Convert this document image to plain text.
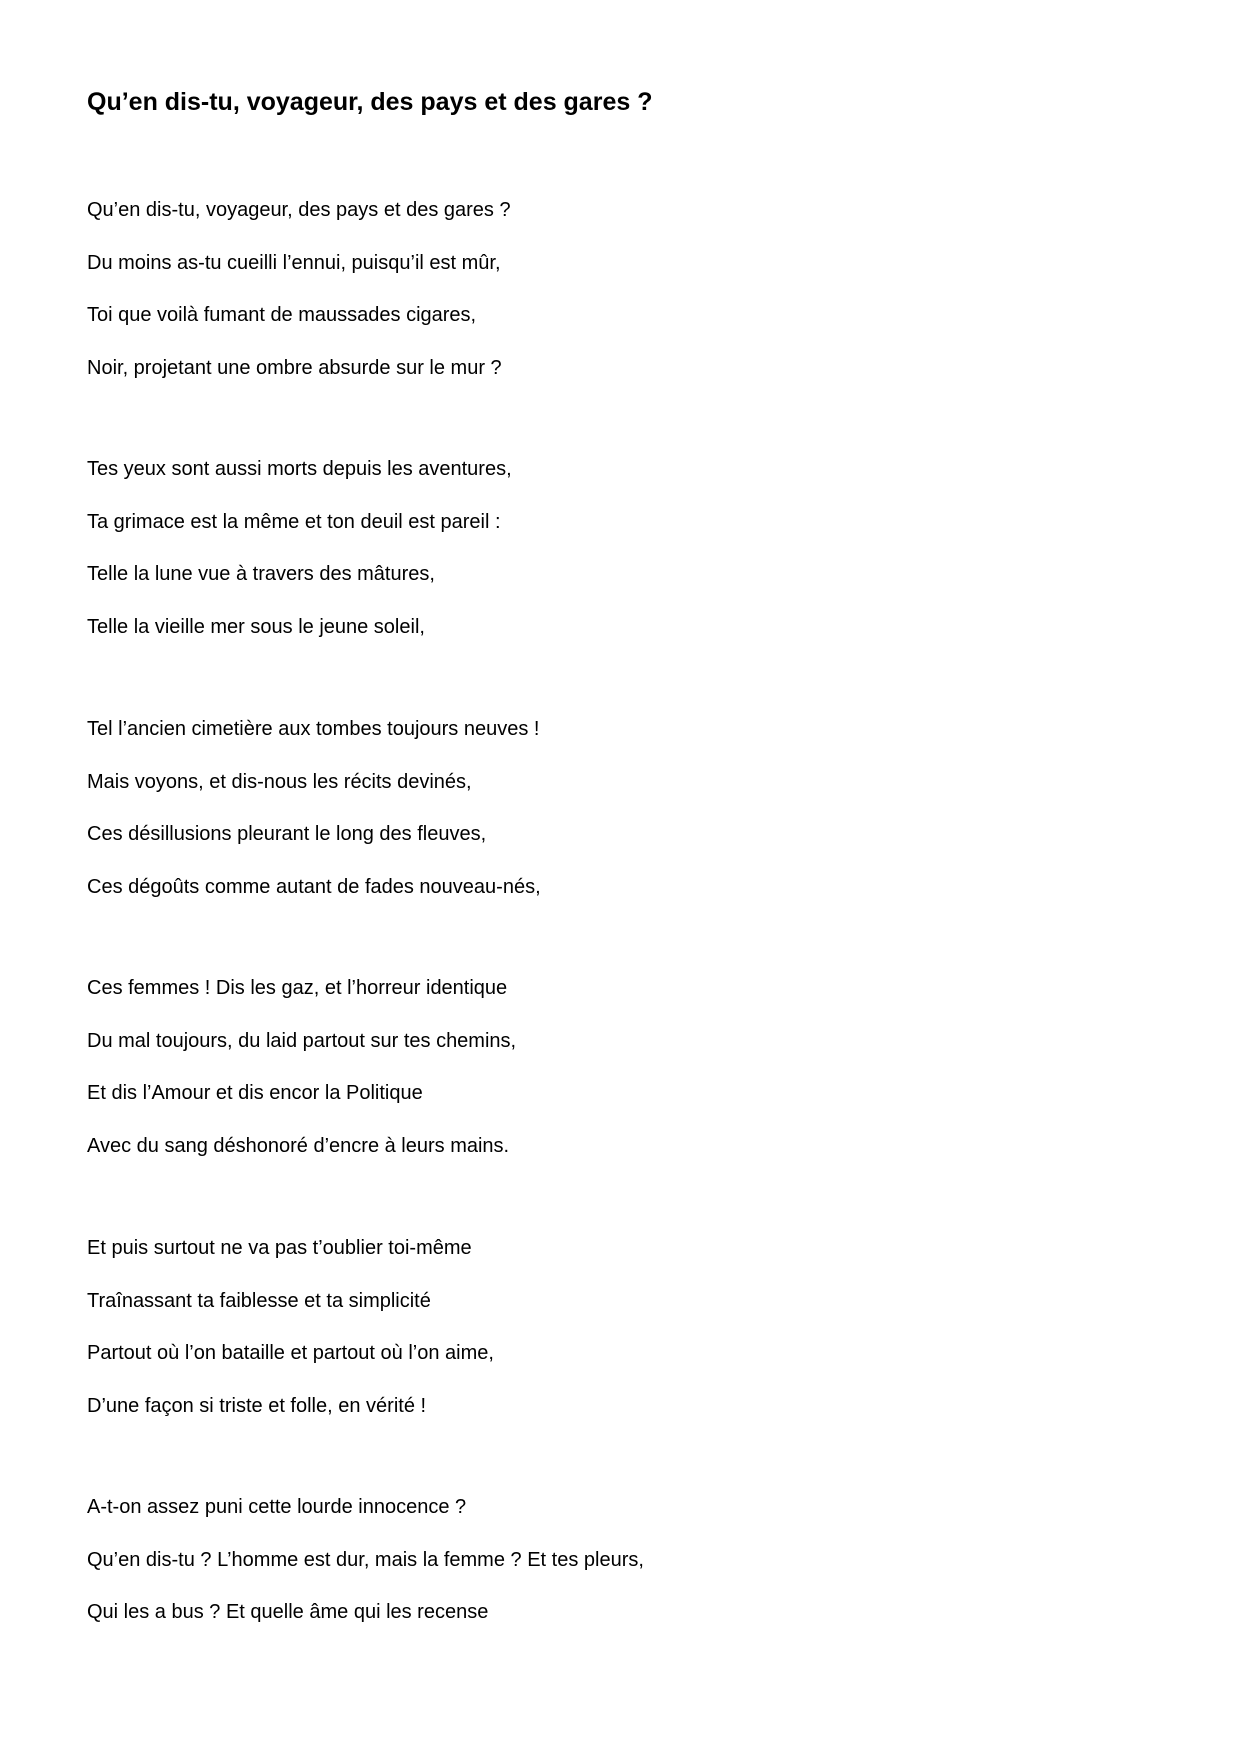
Qu’en dis-tu, voyageur, des pays et des gares ?
Qu’en dis-tu, voyageur, des pays et des gares ?
Du moins as-tu cueilli l’ennui, puisqu’il est mûr,
Toi que voilà fumant de maussades cigares,
Noir, projetant une ombre absurde sur le mur ?
Tes yeux sont aussi morts depuis les aventures,
Ta grimace est la même et ton deuil est pareil :
Telle la lune vue à travers des mâtures,
Telle la vieille mer sous le jeune soleil,
Tel l’ancien cimetière aux tombes toujours neuves !
Mais voyons, et dis-nous les récits devinés,
Ces désillusions pleurant le long des fleuves,
Ces dégoûts comme autant de fades nouveau-nés,
Ces femmes ! Dis les gaz, et l’horreur identique
Du mal toujours, du laid partout sur tes chemins,
Et dis l’Amour et dis encor la Politique
Avec du sang déshonoré d’encre à leurs mains.
Et puis surtout ne va pas t’oublier toi-même
Traînassant ta faiblesse et ta simplicité
Partout où l’on bataille et partout où l’on aime,
D’une façon si triste et folle, en vérité !
A-t-on assez puni cette lourde innocence ?
Qu’en dis-tu ? L’homme est dur, mais la femme ? Et tes pleurs,
Qui les a bus ? Et quelle âme qui les recense
